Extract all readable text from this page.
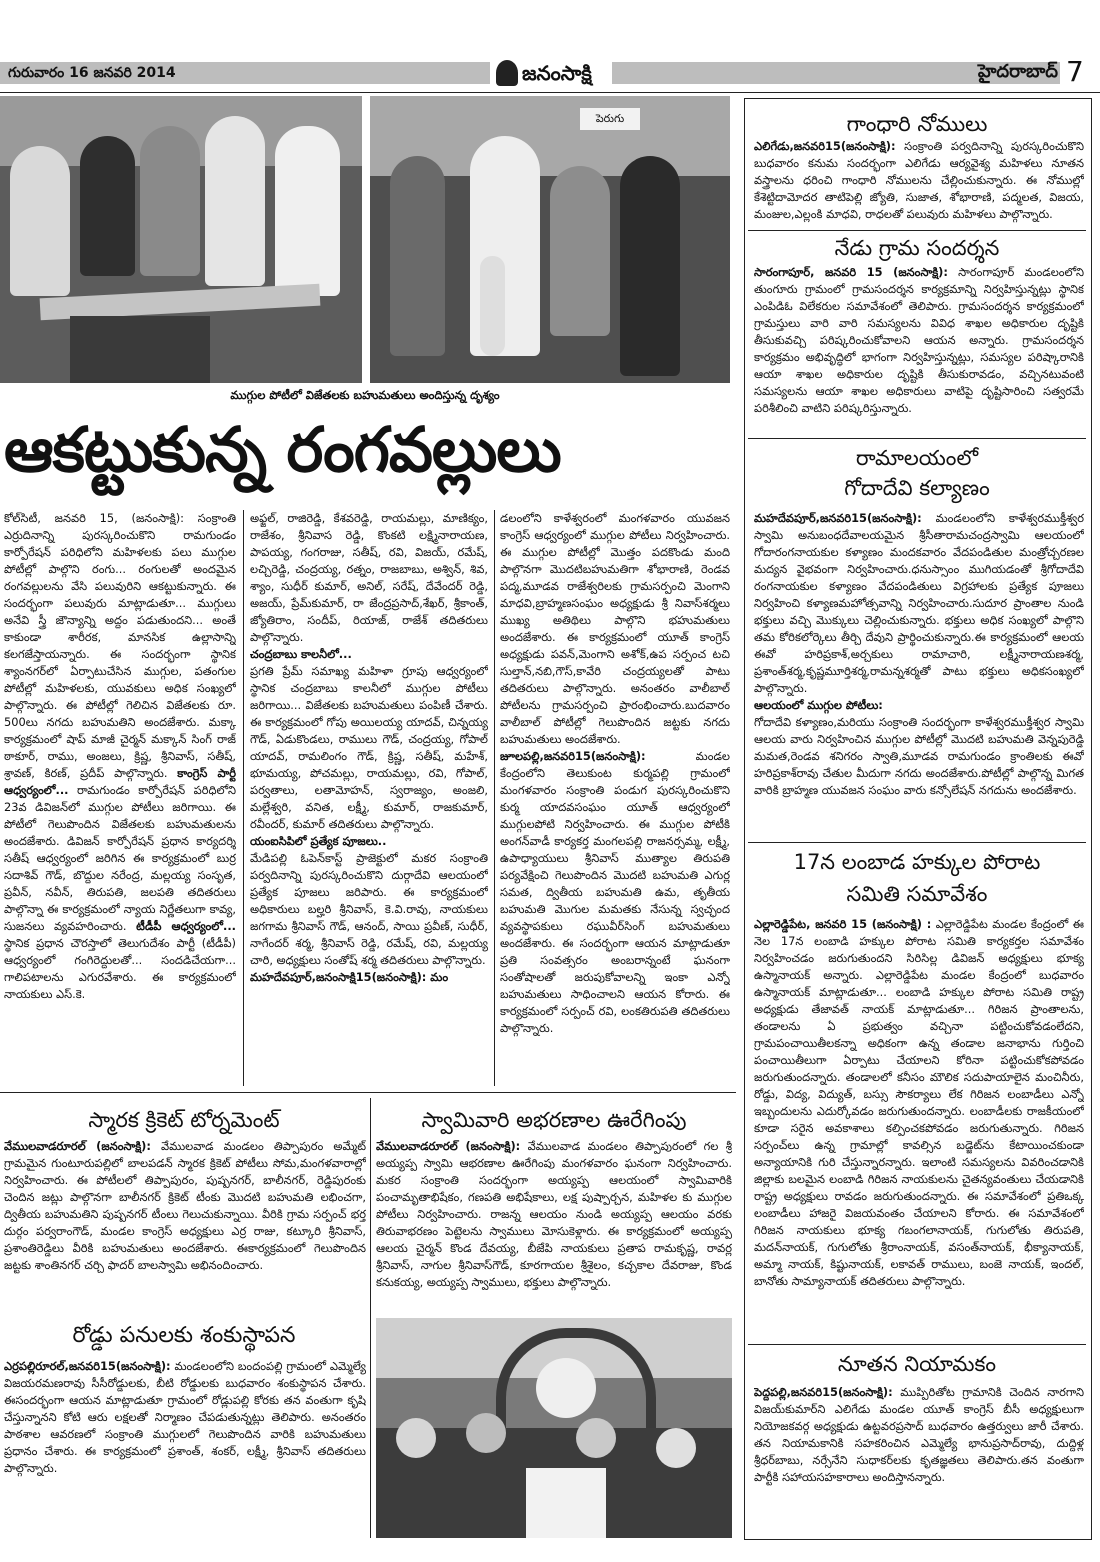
గురువారం 16 జనవరి 2014	జనంసాక్షి	హైదరాబాద్ 7
పెరుగు
ముగ్గుల పోటీలో విజేతలకు బహుమతులు అందిస్తున్న దృశ్యం
ఆకట్టుకున్న రంగవల్లులు
కోల్‌సిటీ, జనవరి 15, (జనంసాక్షి): సంక్రాంతి ఎర్రుదినాన్ని పురస్కరించుకొని రామగుండం కార్పోరేషన్ పరిధిలోని మహిళలకు పలు ముగ్గుల పోటీల్లో పాల్గొని రంగు... రంగులతో అందమైన రంగవల్లులను వేసి పలువురిని ఆకట్టుకున్నారు. ఈ సందర్భంగా పలువురు మాట్లాడుతూ... ముగ్గులు అనేవి స్త్రీ జౌన్యాన్ని అద్దం పడుతుందని... అంతే కాకుండా శారీరక, మానసిక ఉల్లాసాన్ని కలగజేస్తాయన్నారు. ఈ సందర్భంగా స్థానిక శ్యాంనగర్‌లో ఏర్పాటుచేసిన ముగ్గుల, పతంగుల పోటీల్లో మహిళలకు, యువకులు అధిక సంఖ్యలో పాల్గొన్నారు. ఈ పోటీల్లో గెలిచిన విజేతలకు రూ. 500లు నగదు బహుమతిని అందజేశారు. మక్కా కార్యక్రమంలో షాప్ మాజీ చైర్మన్ మక్కాన్ సింగ్ రాజ్ ఠాకూర్, రాము, అంజలు, క్రిష్ణ, శ్రీనివాస్, సతీష్, శ్రావణ్, కిరణ్, ప్రదీప్ పాల్గొన్నారు. కాంగ్రెస్ పార్టీ ఆధ్వర్యంలో... రామగుండం కార్పోరేషన్ పరిధిలోని 23వ డివిజన్‌లో ముగ్గుల పోటీలు జరిగాయి. ఈ పోటీలో గెలుపొందిన విజేతలకు బహుమతులను అందజేశారు. డివిజన్ కార్పోరేషన్ ప్రధాన కార్యదర్శి సతీష్ ఆధ్వర్యంలో జరిగిన ఈ కార్యక్రమంలో బుర్ర సదాశివ్ గౌడ్, బొద్దుల నరేంద్ర, మల్లయ్య సంసృత, ప్రవీన్, నవీన్, తిరుపతి, జలపతి తదితరులు పాల్గొన్నా ఈ కార్యక్రమంలో న్యాయ నిర్ణేతలుగా కావ్య, సుజనలు వ్యవహరించారు. టీడీపీ ఆధ్వర్యంలో... స్థానిక ప్రధాన చౌరస్తాలో తెలుగుదేశం పార్టీ (టీడీపీ) ఆధ్వర్యంలో గంగిరెద్దులతో... సందడిచేయగా... గాలిపటాలను ఎగురవేశారు. ఈ కార్యక్రమంలో నాయకులు ఎస్.కె.
అఫ్జల్, రాజిరెడ్డి, కేశవరెడ్డి, రాయమల్లు, మాణిక్యం, రాజేశం, శ్రీనివాస రెడ్డి, కొంకటి లక్ష్మినారాయణ, పాపయ్య, గంగరాజు, సతీష్, రవి, విజయ్, రమేష్, లచ్చిరెడ్డి, చంద్రయ్య, రత్నం, రాజబాబు, అశ్విన్, శివ, శ్యాం, సుధీర్ కుమార్, అనిల్, సరేష్, దేవేందర్ రెడ్డి, అజయ్, ప్రేమ్‌కుమార్, రా జేంద్రప్రసాద్,శేఖర్, శ్రీకాంత్, జ్యోతిరాం, సందీప్, రియాజ్, రాజేశ్ తదితరులు పాల్గొన్నారు.
చంద్రబాబు కాలనీలో...
ప్రగతి ప్రేమ్ సమాఖ్య మహిళా గ్రూపు ఆధ్వర్యంలో స్థానిక చంద్రబాబు కాలనీలో ముగ్గుల పోటీలు జరిగాయి... విజేతలకు బహుమతులు పంపిణీ చేశారు. ఈ కార్యక్రమంలో గోపు అయిలయ్య యాదవ్, చిన్నయ్య గౌడ్, ఏడుకొండలు, రాములు గౌడ్, చంద్రయ్య, గోపాల్ యాదవ్, రామలింగం గౌడ్, క్రిష్ణ, సతీష్, మహేశ్, భూమయ్య, పోచమల్లు, రాయమల్లు, రవి, గోపాల్, పర్వతాలు, లతామోహన్, స్వరాజ్యం, అంజలి, మల్లేశ్వరి, వనిత, లక్ష్మీ, కుమార్, రాజకుమార్, రవీందర్, కుమార్ తదితరులు పాల్గొన్నారు.
యంఐసిపిలో ప్రత్యేక పూజలు..
మేడిపల్లి ఓపెన్‌కాస్ట్ ప్రాజెక్టులో మకర సంక్రాంతి పర్వదినాన్ని పురస్కరించుకొని దుర్గాదేవి ఆలయంలో ప్రత్యేక పూజలు జరిపారు. ఈ కార్యక్రమంలో అధికారులు బల్హరి శ్రీనివాస్, కె.వి.రావు, నాయకులు జగగామ శ్రీనివాస్ గౌడ్, ఆనంద్, సాయి ప్రవీణ్, సుధీర్, నాగేందర్ శర్మ, శ్రీనివాస్ రెడ్డి, రమేష్, రవి, మల్లయ్య చారి, అధ్యక్షులు సంతోష్ శర్మ తదితరులు పాల్గొన్నారు.
మహదేవపూర్,జనంసాక్షి15(జనంసాక్షి): మం
డలంలోని కాళేశ్వరంలో మంగళవారం యువజన కాంగ్రెస్ ఆధ్వర్యంలో ముగ్గుల పోటీలు నిర్వహించారు. ఈ ముగ్గుల పోటీల్లో మొత్తం పదకొండు మంది పాల్గొనగా మొదటిబహుమతిగా శోభారాణి, రెండవ పద్మ,మూడవ రాజేశ్వరిలకు గ్రామసర్పంచి మెంగాని మాధవి,బ్రాహ్మణసంఘం అధ్యక్షుడు శ్రీ నివాస్‌శర్మలు ముఖ్య అతిథిలు పాల్గొని భహుమతులు అందజేశారు. ఈ కార్యక్రమంలో యూత్ కాంగ్రెస్ అధ్యక్షుడు పవన్,మెంగాని అశోక్,ఉప సర్పంచ టచి సుల్తాన్,నబి,గౌస్,కావేరి చంద్రయ్యలతో పాటు తదితరులు పాల్గొన్నారు. అనంతరం వాలీబాల్ పోటీలను గ్రామసర్పంచి ప్రారంభించారు.బుదవారం వాలీబాల్ పోటీల్లో గెలుపొందిన జట్టకు నగదు బహుమతులు అందజేశారు.
జూలపల్లి,జనవరి15(జనంసాక్షి):	మండల కేంద్రంలోని తెలుకుంట కుర్మపల్లి గ్రామంలో మంగళవారం సంక్రాంతి పండుగ పురస్కరించుకొని కుర్మ యాదవసంఘం యూత్ ఆధ్వర్యంలో ముగ్గులపోటి నిర్వహించారు. ఈ ముగ్గుల పోటీకి అంగన్‌వాడీ కార్యకర్త మంగలపల్లి రాజనర్సమ్మ, లక్ష్మీ, ఉపాధ్యాయులు శ్రీనివాస్ ముత్యాల తిరుపతి పర్యవేక్షించి గెలుపొందిన మొదటి బహుమతి ఎగుర్ల సమత, ద్వితీయ బహుమతి ఉమ, తృతీయ బహుమతి మొగుల మమతకు నేసున్న స్వచ్ఛంద వ్యవస్థాపకులు రఘువీర్‌సింగ్ బహుమతులు అందజేశారు. ఈ సందర్భంగా ఆయన మాట్లాడుతూ ప్రతి సంవత్సరం అంబరాన్నంటే ఘనంగా సంతోషాలతో జరుపుకోవాలన్ని ఇంకా ఎన్నో బహుమతులు సాధించాలని ఆయన కోరారు. ఈ కార్యక్రమంలో సర్పంచ్ రవి, లంకతిరుపతి తదితరులు పాల్గొన్నారు.
గాంధారి నోములు
ఎలిగేడు,జనవరి15(జనంసాక్షి): సంక్రాంతి పర్వదినాన్ని పురస్కరించుకొని బుధవారం కనుమ సందర్భంగా ఎలిగేడు ఆర్యవైశ్య మహిళలు నూతన వస్త్రాలను ధరించి గాంధారి నోములను చేల్లించుకున్నారు. ఈ నోముల్లో కేశెట్టిదామోదర తాటిపెల్లి జ్యోతి, సుజాత, శోభారాణి, పద్మలత, విజయ, మంజుల,ఎల్లంకి మాధవి, రాధలతో పలువురు మహిళలు పాల్గొన్నారు.
నేడు గ్రామ సందర్శన
సారంగాపూర్, జనవరి 15 (జనంసాక్షి): సారంగాపూర్ మండలంలోని తుంగూరు గ్రామంలో గ్రామసందర్శన కార్యక్రమాన్ని నిర్వహిస్తున్నట్లు స్థానిక ఎంపిడిఓ విలేకరుల సమావేశంలో తెలిపారు. గ్రామసందర్శన కార్యక్రమంలో గ్రామస్తులు వారి వారి సమస్యలను వివిధ శాఖల అధికారుల దృష్టికి తీసుకువచ్చి పరిష్కరించుకోవాలని ఆయన అన్నారు. గ్రామసందర్శన కార్యక్రమం అభివృద్ధిలో భాగంగా నిర్వహిస్తున్నట్లు, సమస్యల పరిష్కారానికి ఆయా శాఖల అధికారుల దృష్టికి తీసుకురావడం, వచ్చినటువంటి సమస్యలను ఆయా శాఖల అధికారులు వాటిపై దృష్టిసారించి సత్వరమే పరిశీలించి వాటిని పరిష్కరిస్తున్నారు.
రామాలయంలో
గోదాదేవి కల్యాణం
మహదేవపూర్,జనవరి15(జనంసాక్షి): మండలంలోని కాళేశ్వరముక్తీశ్వర స్వామి అనుబంధదేవాలయమైన శ్రీసీతారామచంద్రస్వామి ఆలయంలో గోదారంగనాయకుల కళ్యాణం మందకవారం వేదపండితుల మంత్రోచ్చరణల మద్యన వైభవంగా నిర్వహించారు.ధనుస్సాంం ముగియడంతో శ్రీగోదాదేవి రంగనాయకుల కళ్యాణం వేదపండితులు విగ్రహాలకు ప్రత్యేక పూజలు నిర్వహించి కళ్యాణమహోత్సవాన్ని నిర్వహించారు.సుదూర ప్రాంతాల నుండి భక్తులు వచ్చి మొక్కులు చెల్లించుకున్నారు. భక్తులు అధిక సంఖ్యలో పాల్గొని తమ కోరికలోర్కెలు తీర్చి దేవుని ప్రార్థించుకున్నారు.ఈ కార్యక్రమంలో ఆలయ ఈవో హరిప్రకాశ్,అర్చకులు రామాచారి, లక్ష్మీనారాయణశర్మ, ప్రశాంత్‌శర్మ,కృష్ణమూర్తిశర్మ,రామన్నశర్మతో పాటు భక్తులు అధికసంఖ్యలో పాల్గొన్నారు.
ఆలయంలో ముగ్గుల పోటీలు:
గోదాదేవి కళ్యాణం,మరియు సంక్రాంతి సందర్భంగా కాళేశ్వరముక్తీశ్వర స్వామి ఆలయ వారు నిర్వహించిన ముగ్గుల పోటీల్లో మొదటి బహుమతి వెన్నపురెడ్డి మమత,రెండవ శనిగరం స్వాతి,మూడవ రామగుండం క్రాంతిలకు ఈవో హరిప్రకాశ్‌రావు చేతుల మీదుగా నగదు అందజేశారు.పోటీల్లో పాల్గొన్న మిగత వారికి బ్రాహ్మణ యువజన సంఘం వారు కన్సోలేషన్ నగదును అందజేశారు.
17న లంబాడ హక్కుల పోరాట
సమితి సమావేశం
ఎల్లారెడ్డిపేట, జనవరి 15 (జనంసాక్షి) : ఎల్లారెడ్డిపేట మండల కేంద్రంలో ఈ నెల 17న లంబాడి హక్కుల పోరాట సమితి కార్యకర్తల సమావేశం నిర్వహించడం జరుగుతుందని సిరిసిల్ల డివిజన్ అధ్యక్షులు భూక్య ఉస్మానాయక్ అన్నారు. ఎల్లారెడ్డిపేట మండల కేంద్రంలో బుధవారం ఉస్మానాయక్ మాట్లాడుతూ... లంబాడి హక్కుల పోరాట సమితి రాష్ట్ర అధ్యక్షుడు తేజావత్ నాయక్ మాట్లాడుతూ... గిరిజన ప్రాంతాలను, తండాలను ఏ ప్రభుత్వం వచ్చినా పట్టించుకోవడంలేదని, గ్రామపంచాయితీలకన్నా అధికంగా ఉన్న తండాల జనాభాను గుర్తించి పంచాయితీలుగా ఏర్పాటు చేయాలని కోరినా పట్టించుకోకపోవడం జరుగుతుందన్నారు. తండాలలో కనీసం మౌలిక సదుపాయాలైన మంచినీరు, రోడ్డు, విద్య, విద్యుత్, బస్సు సౌకర్యాలు లేక గిరిజన లంబాడీలు ఎన్నో ఇబ్బందులను ఎదుర్కోవడం జరుగుతుందన్నారు. లంబాడీలకు రాజకీయంలో కూడా సరైన అవకాశాలు కల్పించకపోవడం జరుగుతున్నారు. గిరిజన సర్పంచ్‌లు ఉన్న గ్రామాల్లో కావల్సిన బడ్జెట్‌ను కేటాయించకుండా అన్యాయానికి గురి చేస్తున్నారన్నారు. ఇలాంటి సమస్యలను వివరించడానికి జిల్లాకు బలమైన లంబాడి గిరిజన నాయకులను చైతన్యవంతులు చేయడానికి రాష్ట్ర అధ్యక్షులు రావడం జరుగుతుందన్నారు. ఈ సమావేశంలో ప్రతిఒక్క లంబాడీలు హాజరై విజయవంతం చేయాలని కోరారు. ఈ సమావేశంలో గిరిజన నాయకులు భూక్య గబంగలానాయక్, గుగులోతు తిరుపతి, మదన్‌నాయక్, గుగులోతు శ్రీరాంనాయక్, వసంత్‌నాయక్, భీక్యానాయక్, అమ్మా నాయక్, కిష్టునాయక్, లకావత్ రాములు, బంజె నాయక్, ఇందల్, బానోతు సామ్యానాయక్ తదితరులు పాల్గొన్నారు.
నూతన నియామకం
పెద్దపల్లి,జనవరి15(జనంసాక్షి): ముప్పిరితోట గ్రామానికి చెందిన నారగాని విజయ్‌కుమార్‌ని ఎలిగేడు మండల యూత్ కాంగ్రెస్ బీసీ అధ్యక్షులుగా నియోజకవర్గ అధ్యక్షుడు ఉట్టవరప్రసాద్ బుధవారం ఉత్తర్వులు జారీ చేశారు. తన నియామకానికి సహకరించిన ఎమ్మెల్యే భానుప్రసాద్‌రావు, దుద్దిళ్ల శ్రీధర్‌బాబు, నర్సేనేని సుధాకర్‌లకు కృతజ్ఞతలు తెలిపారు.తన వంతుగా పార్టీకి సహాయసహకారాలు అందిస్తానన్నారు.
స్మారక క్రికెట్ టోర్నమెంట్
వేములవాడరూరల్ (జనంసాక్షి): వేములవాడ మండలం తిప్పాపురం అమ్మేట్ గ్రామమైన గుంటూరుపల్లిలో బాలపడన్ స్మారక క్రికెట్ పోటీలు సోమ,మంగళవారాల్లో నిర్వహించారు. ఈ పోటీలలో తిప్పాపురం, పుష్పనగర్, బాలీనగర్, రెడ్డిపురంకు చెందిన జట్లు పాల్గొనగా బాలీనగర్ క్రికెట్ టీంకు మొదటి బహుమతి లభించగా, ద్వితీయ బహుమతిని పుష్పనగర్ టీంలు గెలుచుకున్నాయి. వీరికి గ్రామ సర్పంచ్ భర్త దుర్గం పర్వరాంగౌడ్, మండల కాంగ్రెస్ అధ్యక్షులు ఎర్ర రాజు, కట్కూరి శ్రీనివాస్, ప్రశాంతిరెడ్డిలు వీరికి బహుమతులు అందజేశారు. ఈకార్యక్రమంలో గెలుపొందిన జట్టకు శాంతినగర్ చర్చి ఫాదర్ బాలస్వామి అభినందించారు.
రోడ్డు పనులకు శంకుస్థాపన
ఎర్రపల్లిరూరల్,జనవరి15(జనంసాక్షి): మండలంలోని బందంపల్లి గ్రామంలో ఎమ్మెల్యే విజయరమణరావు సీసీరోడ్డులకు, బీటి రోడ్డులకు బుధవారం శంకుస్థాపన చేశారు. ఈసందర్భంగా ఆయన మాట్లాడుతూ గ్రామంలో రోడ్లుపల్లి కోరకు తన వంతుగా కృషి చేస్తున్నానని కోటి ఆరు లక్షలతో నిర్మాణం చేపడుతున్నట్లు తెలిపారు. అనంతరం పాఠశాల ఆవరణలో సంక్రాంతి ముగ్గులలో గెలుపొందిన వారికి బహుమతులు ప్రధానం చేశారు. ఈ కార్యక్రమంలో ప్రశాంత్, శంకర్, లక్ష్మీ, శ్రీనివాస్ తదితరులు పాల్గొన్నారు.
స్వామివారి అభరణాల ఊరేగింపు
వేములవాడరూరల్ (జనంసాక్షి): వేములవాడ మండలం తిప్పాపురంలో గల శ్రీ అయ్యప్ప స్వామి ఆభరణాల ఊరేగింపు మంగళవారం ఘనంగా నిర్వహించారు. మకర సంక్రాంతి సందర్భంగా అయ్యప్ప ఆలయంలో స్వామివారికి పంచామృతాభిషేకం, గణపతి అభిషేకాలు, లక్ష పుష్పార్చన, మహిళల కు ముగ్గుల పోటీలు నిర్వహించారు. రాజన్న ఆలయం నుండి అయ్యప్ప ఆలయం వరకు తిరువాభరణం పెట్టెలను స్వాములు మోసుకెళ్లారు. ఈ కార్యక్రమంలో అయ్యప్ప ఆలయ చైర్మన్ కొండ దేవయ్య, బీజేపి నాయకులు ప్రతాప రామకృష్ణ, రావర్ల శ్రీనివాస్, నాగుల శ్రీనివాస్‌గౌడ్, కూరగాయల శ్రీశైలం, కచ్చకాల దేవరాజు, కొండ కనుకయ్య, అయ్యప్ప స్వాములు, భక్తులు పాల్గొన్నారు.
